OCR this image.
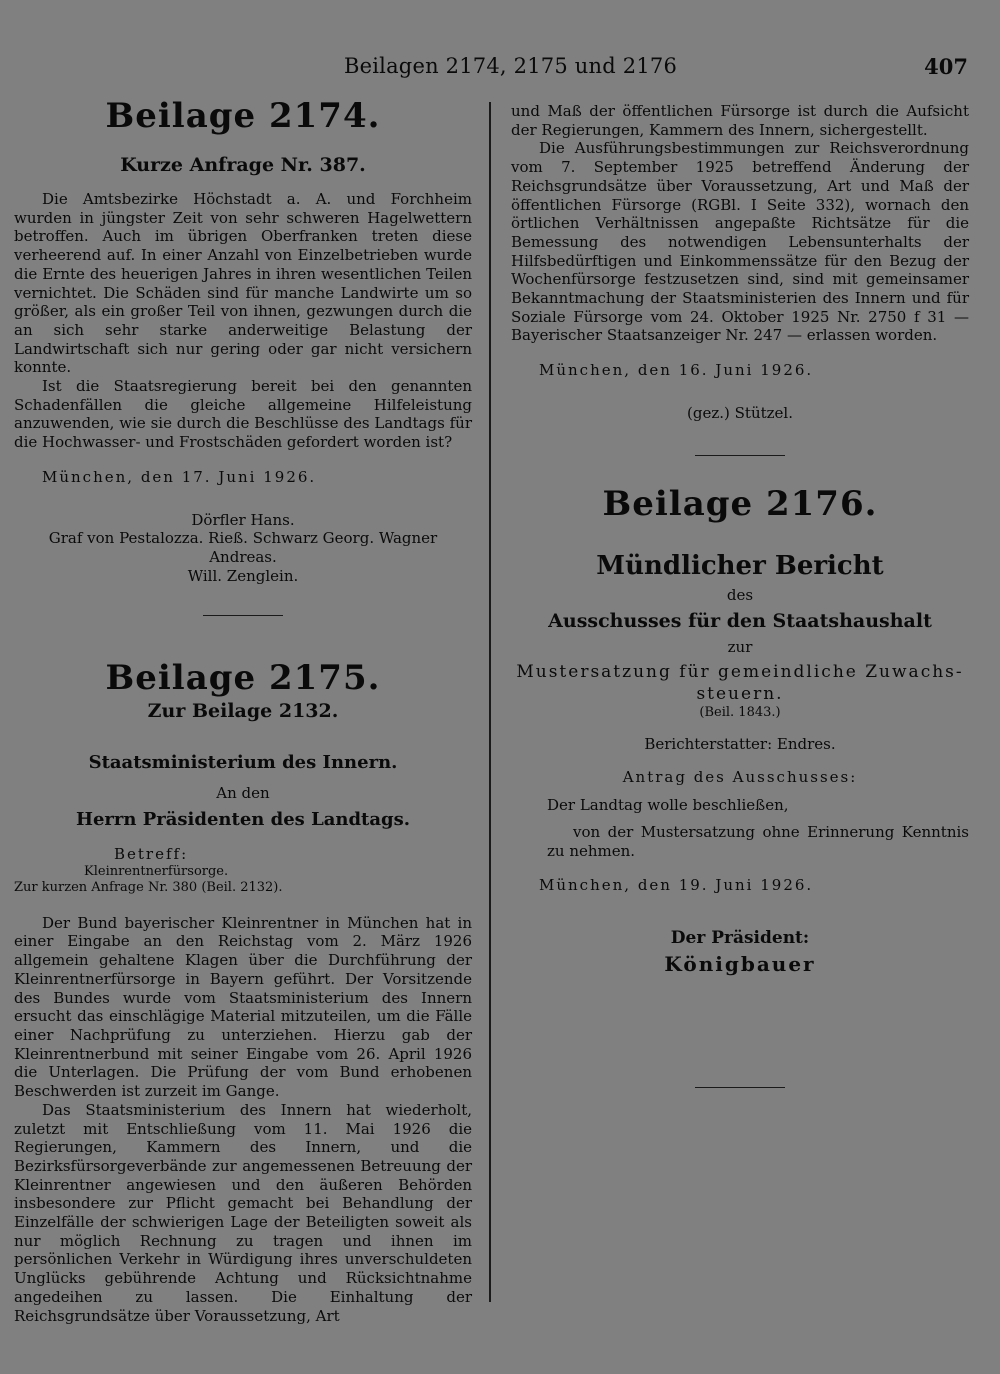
Beilagen 2174, 2175 und 2176	407
Beilage 2174.
Kurze Anfrage Nr. 387.

Die Amtsbezirke Höchstadt a. A. und Forchheim wurden in jüngster Zeit von sehr schweren Hagelwettern betroffen. Auch im übrigen Oberfranken treten diese verheerend auf. In einer Anzahl von Einzelbetrieben wurde die Ernte des heuerigen Jahres in ihren wesentlichen Teilen vernichtet. Die Schäden sind für manche Landwirte um so größer, als ein großer Teil von ihnen, gezwungen durch die an sich sehr starke anderweitige Belastung der Landwirtschaft sich nur gering oder gar nicht versichern konnte.

Ist die Staatsregierung bereit bei den genannten Schadenfällen die gleiche allgemeine Hilfeleistung anzuwenden, wie sie durch die Beschlüsse des Landtags für die Hochwasser- und Frostschäden gefordert worden ist?

München, den 17. Juni 1926.

Dörfler Hans.

Graf von Pestalozza. Rieß. Schwarz Georg. Wagner Andreas.

Will. Zenglein.

Beilage 2175.
Zur Beilage 2132.
Staatsministerium des Innern.

An den

Herrn Präsidenten des Landtags.

Betreff:

Kleinrentnerfürsorge.

Zur kurzen Anfrage Nr. 380 (Beil. 2132).

Der Bund bayerischer Kleinrentner in München hat in einer Eingabe an den Reichstag vom 2. März 1926 allgemein gehaltene Klagen über die Durchführung der Kleinrentnerfürsorge in Bayern geführt. Der Vorsitzende des Bundes wurde vom Staatsministerium des Innern ersucht das einschlägige Material mitzuteilen, um die Fälle einer Nachprüfung zu unterziehen. Hierzu gab der Kleinrentnerbund mit seiner Eingabe vom 26. April 1926 die Unterlagen. Die Prüfung der vom Bund erhobenen Beschwerden ist zurzeit im Gange.

Das Staatsministerium des Innern hat wiederholt, zuletzt mit Entschließung vom 11. Mai 1926 die Regierungen, Kammern des Innern, und die Bezirksfürsorgeverbände zur angemessenen Betreuung der Kleinrentner angewiesen und den äußeren Behörden insbesondere zur Pflicht gemacht bei Behandlung der Einzelfälle der schwierigen Lage der Beteiligten soweit als nur möglich Rechnung zu tragen und ihnen im persönlichen Verkehr in Würdigung ihres unverschuldeten Unglücks gebührende Achtung und Rücksichtnahme angedeihen zu lassen. Die Einhaltung der Reichsgrundsätze über Voraussetzung, Art

und Maß der öffentlichen Fürsorge ist durch die Aufsicht der Regierungen, Kammern des Innern, sichergestellt.

Die Ausführungsbestimmungen zur Reichsverordnung vom 7. September 1925 betreffend Änderung der Reichsgrundsätze über Voraussetzung, Art und Maß der öffentlichen Fürsorge (RGBl. I Seite 332), wornach den örtlichen Verhältnissen angepaßte Richtsätze für die Bemessung des notwendigen Lebensunterhalts der Hilfsbedürftigen und Einkommenssätze für den Bezug der Wochenfürsorge festzusetzen sind, sind mit gemeinsamer Bekanntmachung der Staatsministerien des Innern und für Soziale Fürsorge vom 24. Oktober 1925 Nr. 2750 f 31 — Bayerischer Staatsanzeiger Nr. 247 — erlassen worden.

München, den 16. Juni 1926.

(gez.) Stützel.

Beilage 2176.
Mündlicher Bericht

des

Ausschusses für den Staatshaushalt

zur

Mustersatzung für gemeindliche Zuwachs-

steuern.

(Beil. 1843.)

Berichterstatter: Endres.

Antrag des Ausschusses:

Der Landtag wolle beschließen,

von der Mustersatzung ohne Erinnerung Kenntnis zu nehmen.

München, den 19. Juni 1926.

Der Präsident:
Königbauer
